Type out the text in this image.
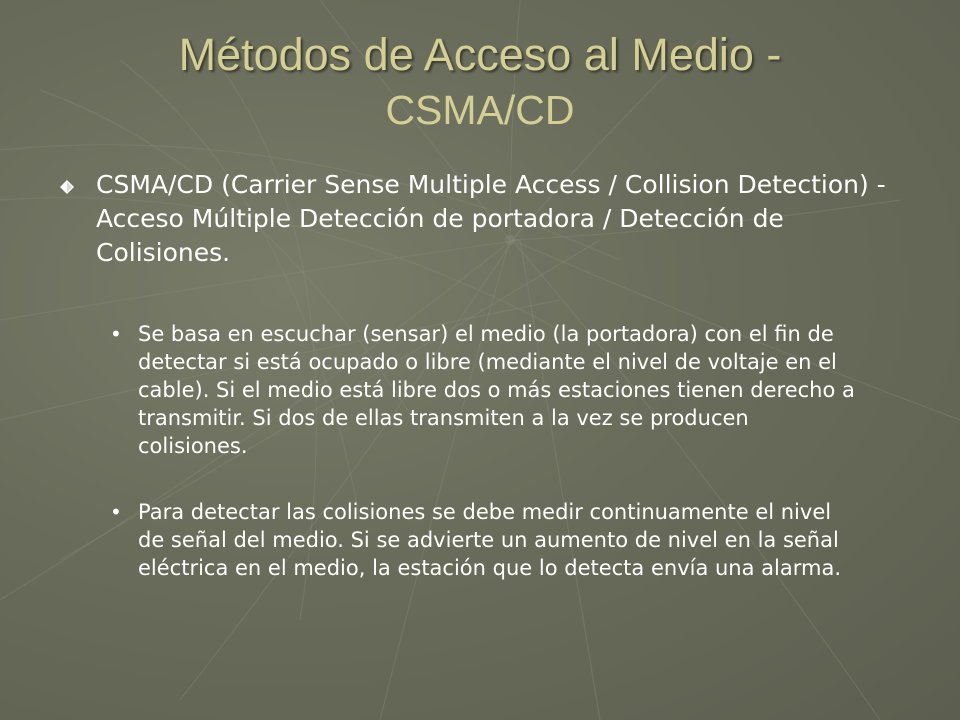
Métodos de Acceso al Medio -
CSMA/CD
CSMA/CD (Carrier Sense Multiple Access / Collision Detection) - Acceso Múltiple Detección de portadora / Detección de Colisiones.
• Se basa en escuchar (sensar) el medio (la portadora) con el fin de detectar si está ocupado o libre (mediante el nivel de voltaje en el cable). Si el medio está libre dos o más estaciones tienen derecho a transmitir. Si dos de ellas transmiten a la vez se producen colisiones.
• Para detectar las colisiones se debe medir continuamente el nivel de señal del medio. Si se advierte un aumento de nivel en la señal eléctrica en el medio, la estación que lo detecta envía una alarma.
